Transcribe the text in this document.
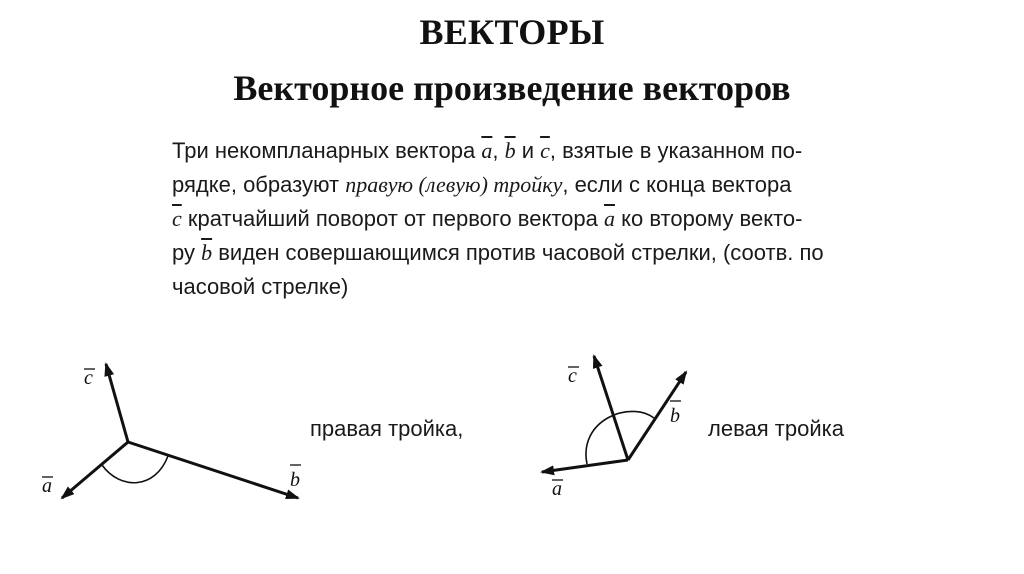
ВЕКТОРЫ
Векторное произведение векторов
Три некомпланарных вектора $\overline{a}$, $\overline{b}$ и $\overline{c}$, взятые в указанном по-
рядке, образуют правую (левую) тройку, если с конца вектора
$\overline{c}$ кратчайший поворот от первого вектора $\overline{a}$ ко второму векто-
ру $\overline{b}$ виден совершающимся против часовой стрелки, (соотв. по
часовой стрелке)
c
a	b
правая тройка,
c
b
a
левая тройка
